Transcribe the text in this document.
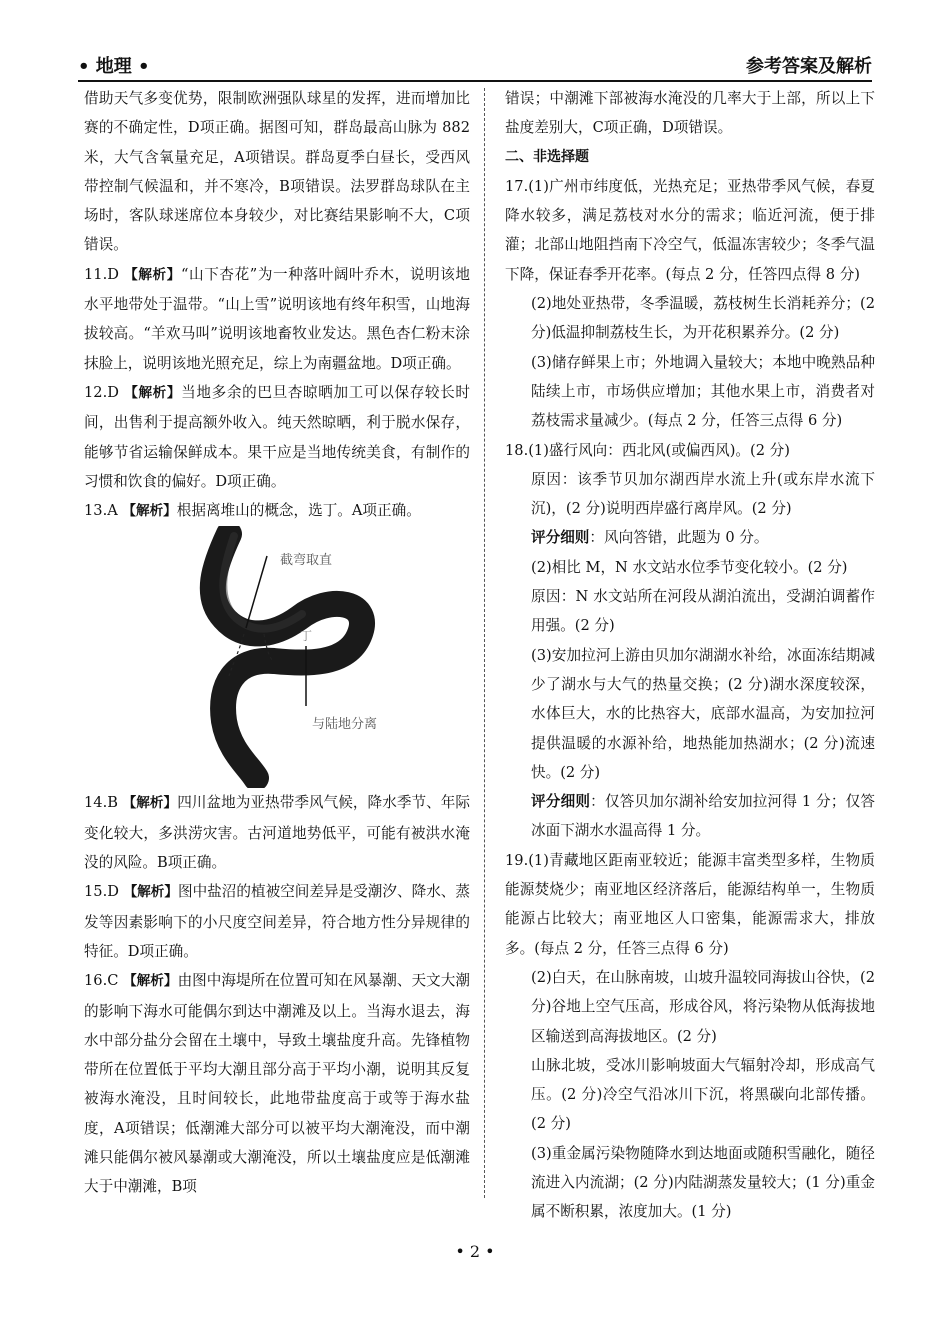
• 地理 •	参考答案及解析

借助天气多变优势，限制欧洲强队球星的发挥，进而增加比赛的不确定性，D项正确。据图可知，群岛最高山脉为 882 米，大气含氧量充足，A项错误。群岛夏季白昼长，受西风带控制气候温和，并不寒冷，B项错误。法罗群岛球队在主场时，客队球迷席位本身较少，对比赛结果影响不大，C项错误。

11.D 【解析】“山下杏花”为一种落叶阔叶乔木，说明该地水平地带处于温带。“山上雪”说明该地有终年积雪，山地海拔较高。“羊欢马叫”说明该地畜牧业发达。黑色杏仁粉末涂抹脸上，说明该地光照充足，综上为南疆盆地。D项正确。

12.D 【解析】当地多余的巴旦杏晾晒加工可以保存较长时间，出售利于提高额外收入。纯天然晾晒，利于脱水保存，能够节省运输保鲜成本。果干应是当地传统美食，有制作的习惯和饮食的偏好。D项正确。

13.A 【解析】根据离堆山的概念，选丁。A项正确。

截弯取直
丁
与陆地分离

14.B 【解析】四川盆地为亚热带季风气候，降水季节、年际变化较大，多洪涝灾害。古河道地势低平，可能有被洪水淹没的风险。B项正确。

15.D 【解析】图中盐沼的植被空间差异是受潮汐、降水、蒸发等因素影响下的小尺度空间差异，符合地方性分异规律的特征。D项正确。

16.C 【解析】由图中海堤所在位置可知在风暴潮、天文大潮的影响下海水可能偶尔到达中潮滩及以上。当海水退去，海水中部分盐分会留在土壤中，导致土壤盐度升高。先锋植物带所在位置低于平均大潮且部分高于平均小潮，说明其反复被海水淹没，且时间较长，此地带盐度高于或等于海水盐度，A项错误；低潮滩大部分可以被平均大潮淹没，而中潮滩只能偶尔被风暴潮或大潮淹没，所以土壤盐度应是低潮滩大于中潮滩，B项

错误；中潮滩下部被海水淹没的几率大于上部，所以上下盐度差别大，C项正确，D项错误。

二、非选择题

17.(1)广州市纬度低，光热充足；亚热带季风气候，春夏降水较多，满足荔枝对水分的需求；临近河流，便于排灌；北部山地阻挡南下冷空气，低温冻害较少；冬季气温下降，保证春季开花率。(每点 2 分，任答四点得 8 分)

(2)地处亚热带，冬季温暖，荔枝树生长消耗养分；(2 分)低温抑制荔枝生长，为开花积累养分。(2 分)

(3)储存鲜果上市；外地调入量较大；本地中晚熟品种陆续上市，市场供应增加；其他水果上市，消费者对荔枝需求量减少。(每点 2 分，任答三点得 6 分)

18.(1)盛行风向：西北风(或偏西风)。(2 分)

原因：该季节贝加尔湖西岸水流上升(或东岸水流下沉)，(2 分)说明西岸盛行离岸风。(2 分)

评分细则：风向答错，此题为 0 分。

(2)相比 M，N 水文站水位季节变化较小。(2 分)

原因：N 水文站所在河段从湖泊流出，受湖泊调蓄作用强。(2 分)

(3)安加拉河上游由贝加尔湖湖水补给，冰面冻结期减少了湖水与大气的热量交换；(2 分)湖水深度较深，水体巨大，水的比热容大，底部水温高，为安加拉河提供温暖的水源补给，地热能加热湖水；(2 分)流速快。(2 分)

评分细则：仅答贝加尔湖补给安加拉河得 1 分；仅答冰面下湖水水温高得 1 分。

19.(1)青藏地区距南亚较近；能源丰富类型多样，生物质能源焚烧少；南亚地区经济落后，能源结构单一，生物质能源占比较大；南亚地区人口密集，能源需求大，排放多。(每点 2 分，任答三点得 6 分)

(2)白天，在山脉南坡，山坡升温较同海拔山谷快，(2 分)谷地上空气压高，形成谷风，将污染物从低海拔地区输送到高海拔地区。(2 分)

山脉北坡，受冰川影响坡面大气辐射冷却，形成高气压。(2 分)冷空气沿冰川下沉，将黑碳向北部传播。(2 分)

(3)重金属污染物随降水到达地面或随积雪融化，随径流进入内流湖；(2 分)内陆湖蒸发量较大；(1 分)重金属不断积累，浓度加大。(1 分)

• 2 •
